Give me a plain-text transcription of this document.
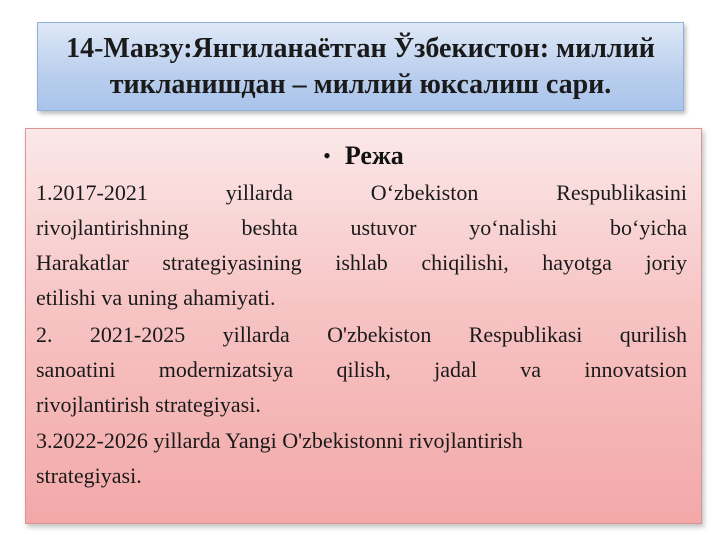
14-Мавзу:Янгиланаётган Ўзбекистон: миллий
тикланишдан – миллий юксалиш сари.
• Режа
1.2017-2021 yillarda O‘zbekiston Respublikasini
rivojlantirishning beshta ustuvor yo‘nalishi bo‘yicha
Harakatlar strategiyasining ishlab chiqilishi, hayotga joriy
etilishi va uning ahamiyati.
2. 2021-2025 yillarda O'zbekiston Respublikasi qurilish
sanoatini modernizatsiya qilish, jadal va innovatsion
rivojlantirish strategiyasi.
3.2022-2026 yillarda Yangi O'zbekistonni rivojlantirish
strategiyasi.
